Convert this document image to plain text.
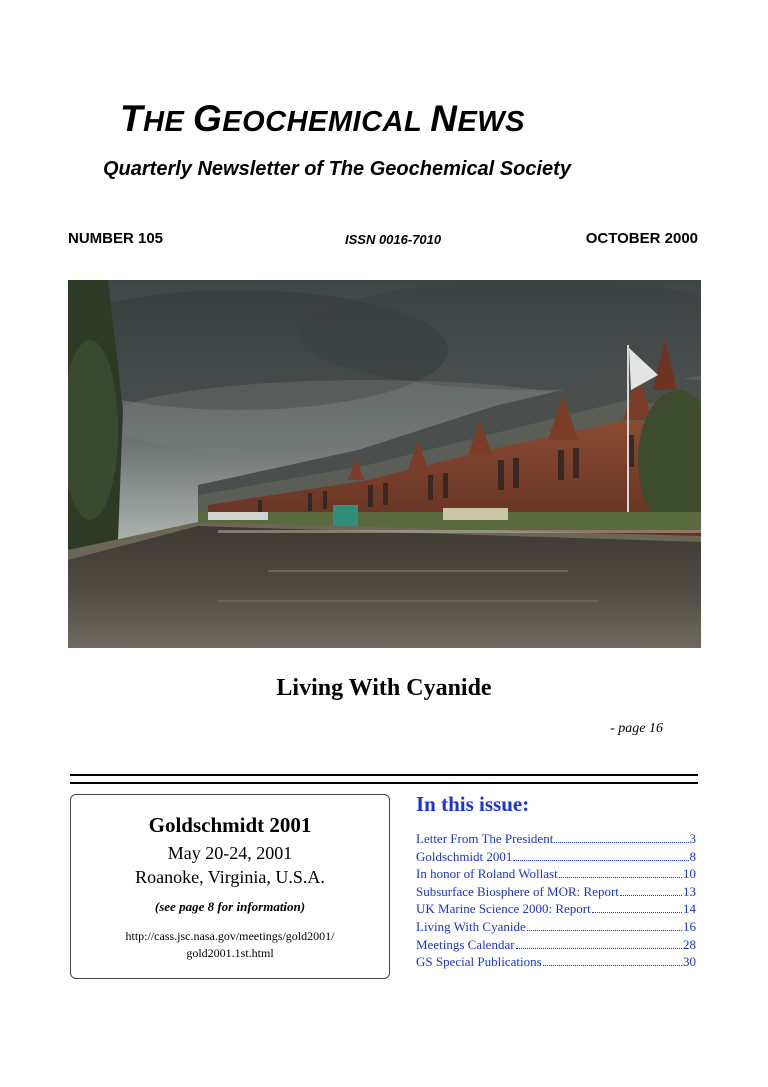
THE GEOCHEMICAL NEWS
Quarterly Newsletter of The Geochemical Society
NUMBER 105	ISSN 0016-7010	OCTOBER 2000
Living With Cyanide
- page 16
Goldschmidt 2001
May 20-24, 2001
Roanoke, Virginia, U.S.A.
(see page 8 for information)
http://cass.jsc.nasa.gov/meetings/gold2001/
gold2001.1st.html
In this issue:
Letter From The President	3
Goldschmidt 2001	8
In honor of Roland Wollast	10
Subsurface Biosphere of MOR: Report	13
UK Marine Science 2000: Report	14
Living With Cyanide	16
Meetings Calendar	28
GS Special Publications	30
